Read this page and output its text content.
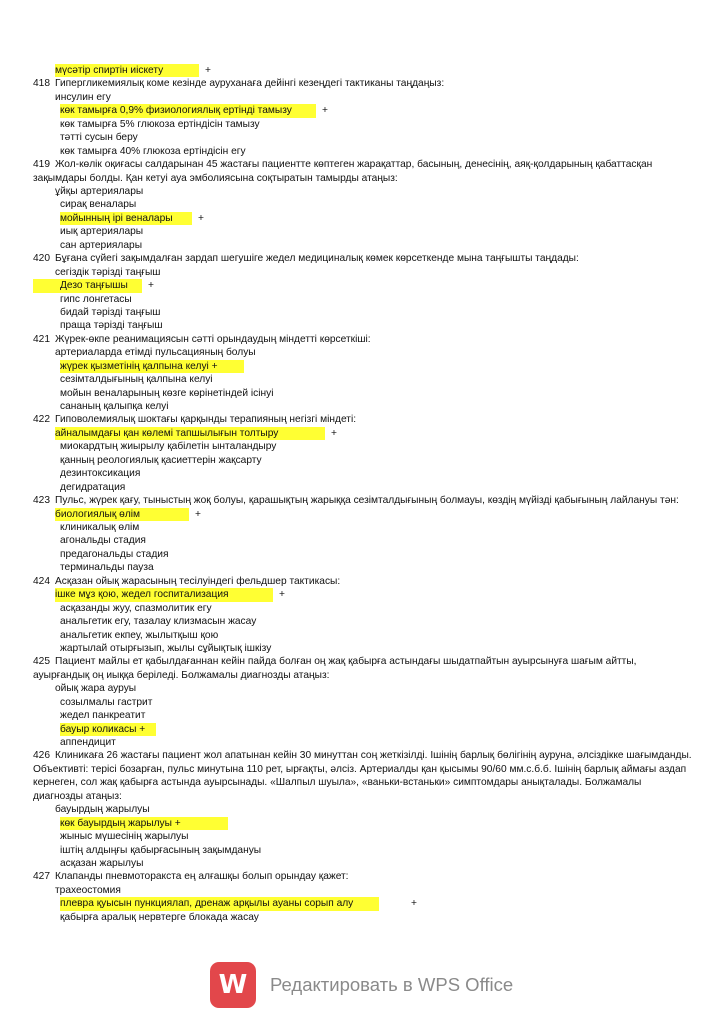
мүсәтір спиртін иіскету	+
418 Гипергликемиялық коме кезінде ауруханаға дейінгі кезеңдегі тактиканы таңдаңыз:
инсулин егу
көк тамырға 0,9% физиологиялық ертінді тамызу	+
көк тамырға 5% глюкоза ертіндісін тамызу
тәтті сусын беру
көк тамырға 40% глюкоза ертіндісін егу
419 Жол-көлік оқиғасы салдарынан 45 жастағы пациентте көптеген жарақаттар, басының, денесінің, аяқ-қолдарының қабаттасқан зақымдары болды. Қан кетуі ауа эмболиясына соқтыратын тамырды атаңыз:
ұйқы артериялары
сирақ веналары
мойынның ірі веналары +
иық артериялары
сан артериялары
420 Бұғана сүйегі зақымдалған зардап шегушіге жедел медициналық көмек көрсеткенде мына таңғышты таңдады:
сегіздік тәрізді таңғыш
Дезо таңғышы +
гипс лонгетасы
бидай тәрізді таңғыш
праща тәрізді таңғыш
421 Жүрек-өкпе реанимациясын сәтті орындаудың міндетті көрсеткіші:
артериаларда етімді пульсацияның болуы
жүрек қызметінің қалпына келуі +
сезімталдығының қалпына келуі
мойын веналарының көзге көрінетіндей ісінуі
сананың қалыпқа келуі
422 Гиповолемиялық шоктағы қарқынды терапияның негізгі міндеті:
айналымдағы қан көлемі тапшылығын толтыру	+
миокардтың жиырылу қабілетін ынталандыру
қанның реологиялық қасиеттерін жақсарту
дезинтоксикация
дегидратация
423 Пульс, жүрек қағу, тыныстың жоқ болуы, қарашықтың жарыққа сезімталдығының болмауы, көздің мүйізді қабығының лайлануы тән:
биологиялық өлім	+
клиникалық өлім
агональды стадия
предагональды стадия
терминальды пауза
424 Асқазан ойық жарасының тесілуіндегі фельдшер тактикасы:
ішке мұз қою, жедел госпитализация	+
асқазанды жуу, спазмолитик егу
анальгетик егу, тазалау клизмасын жасау
анальгетик екпеу, жылытқыш қою
жартылай отырғызып, жылы сұйықтық ішкізу
425 Пациент майлы ет қабылдағаннан кейін пайда болған оң жақ қабырға астындағы шыдатпайтын ауырсынуға шағым айтты, ауырғандық оң иыққа беріледі. Болжамалы диагнозды атаңыз:
ойық жара ауруы
созылмалы гастрит
жедел панкреатит
бауыр коликасы +
аппендицит
426 Клиникаға 26 жастағы пациент жол апатынан кейін 30 минуттан соң жеткізілді. Ішінің барлық бөлігінің ауруна, әлсіздікке шағымданды. Объективті: терісі бозарған, пульс минутына 110 рет, ырғақты, әлсіз. Артериалды қан қысымы 90/60 мм.с.б.б. Ішінің барлық аймағы аздап кернеген, сол жақ қабырға астында ауырсынады. «Шалпыл шуыла», «ваньки-встаньки» симптомдары анықталады. Болжамалы диагнозды атаңыз:
бауырдың жарылуы
көк бауырдың жарылуы +
жыныс мүшесінің жарылуы
іштің алдыңғы қабырғасының зақымдануы
асқазан жарылуы
427 Клапанды пневмоторакста ең алғашқы болып орындау қажет:
трахеостомия
плевра қуысын пункциялап, дренаж арқылы ауаны сорып алу	+
қабырға аралық нервтерге блокада жасау
W	Редактировать в WPS Office
